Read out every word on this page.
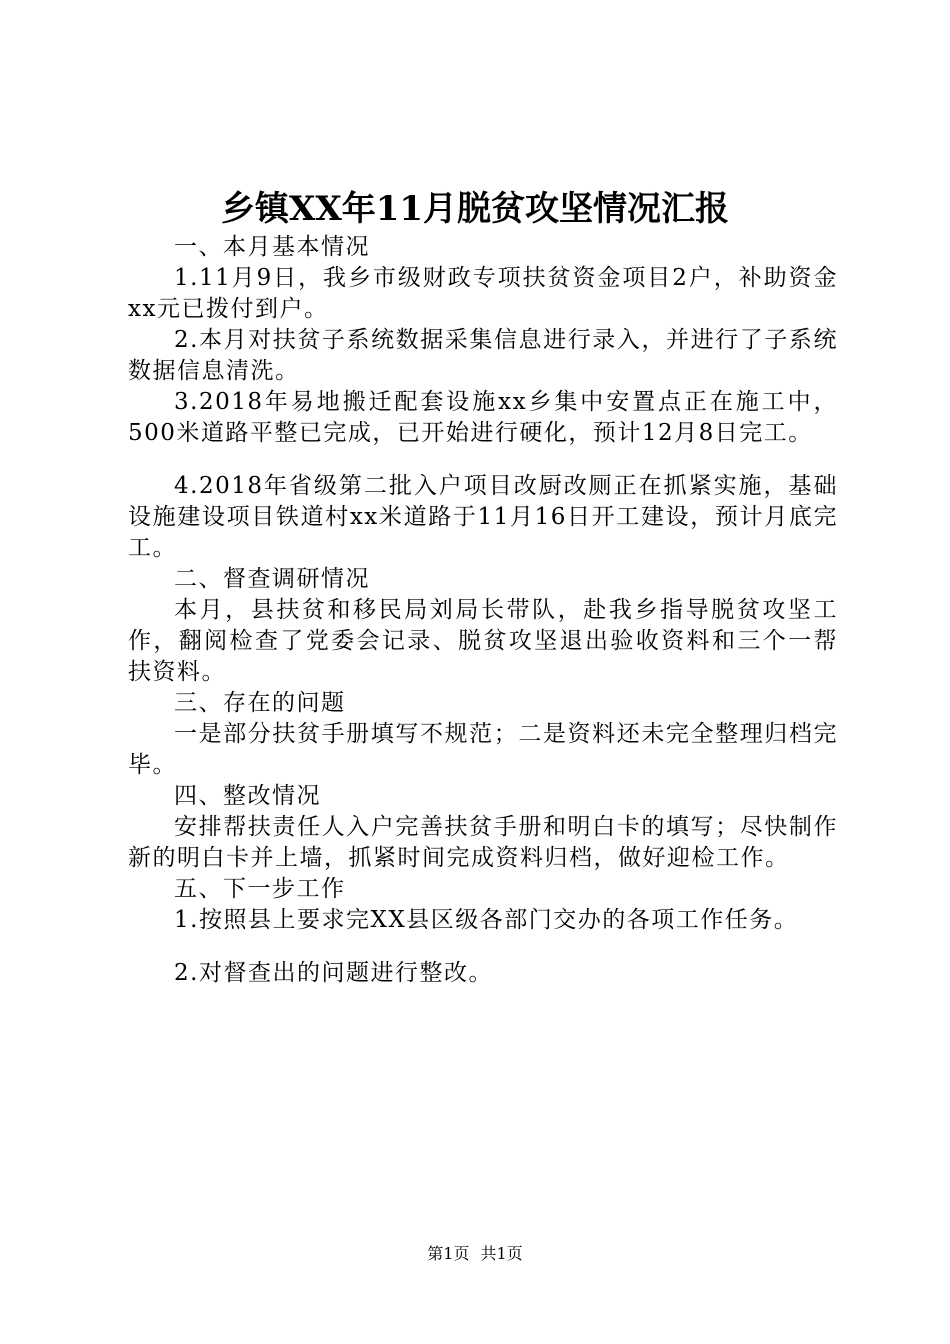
乡镇XX年11月脱贫攻坚情况汇报

一、本月基本情况

1.11月9日，我乡市级财政专项扶贫资金项目2户，补助资金xx元已拨付到户。

2.本月对扶贫子系统数据采集信息进行录入，并进行了子系统数据信息清洗。

3.2018年易地搬迁配套设施xx乡集中安置点正在施工中，500米道路平整已完成，已开始进行硬化，预计12月8日完工。

4.2018年省级第二批入户项目改厨改厕正在抓紧实施，基础设施建设项目铁道村xx米道路于11月16日开工建设，预计月底完工。

二、督查调研情况

本月，县扶贫和移民局刘局长带队，赴我乡指导脱贫攻坚工作，翻阅检查了党委会记录、脱贫攻坚退出验收资料和三个一帮扶资料。

三、存在的问题

一是部分扶贫手册填写不规范；二是资料还未完全整理归档完毕。

四、整改情况

安排帮扶责任人入户完善扶贫手册和明白卡的填写；尽快制作新的明白卡并上墙，抓紧时间完成资料归档，做好迎检工作。

五、下一步工作

1.按照县上要求完XX县区级各部门交办的各项工作任务。

2.对督查出的问题进行整改。

第1页 共1页
